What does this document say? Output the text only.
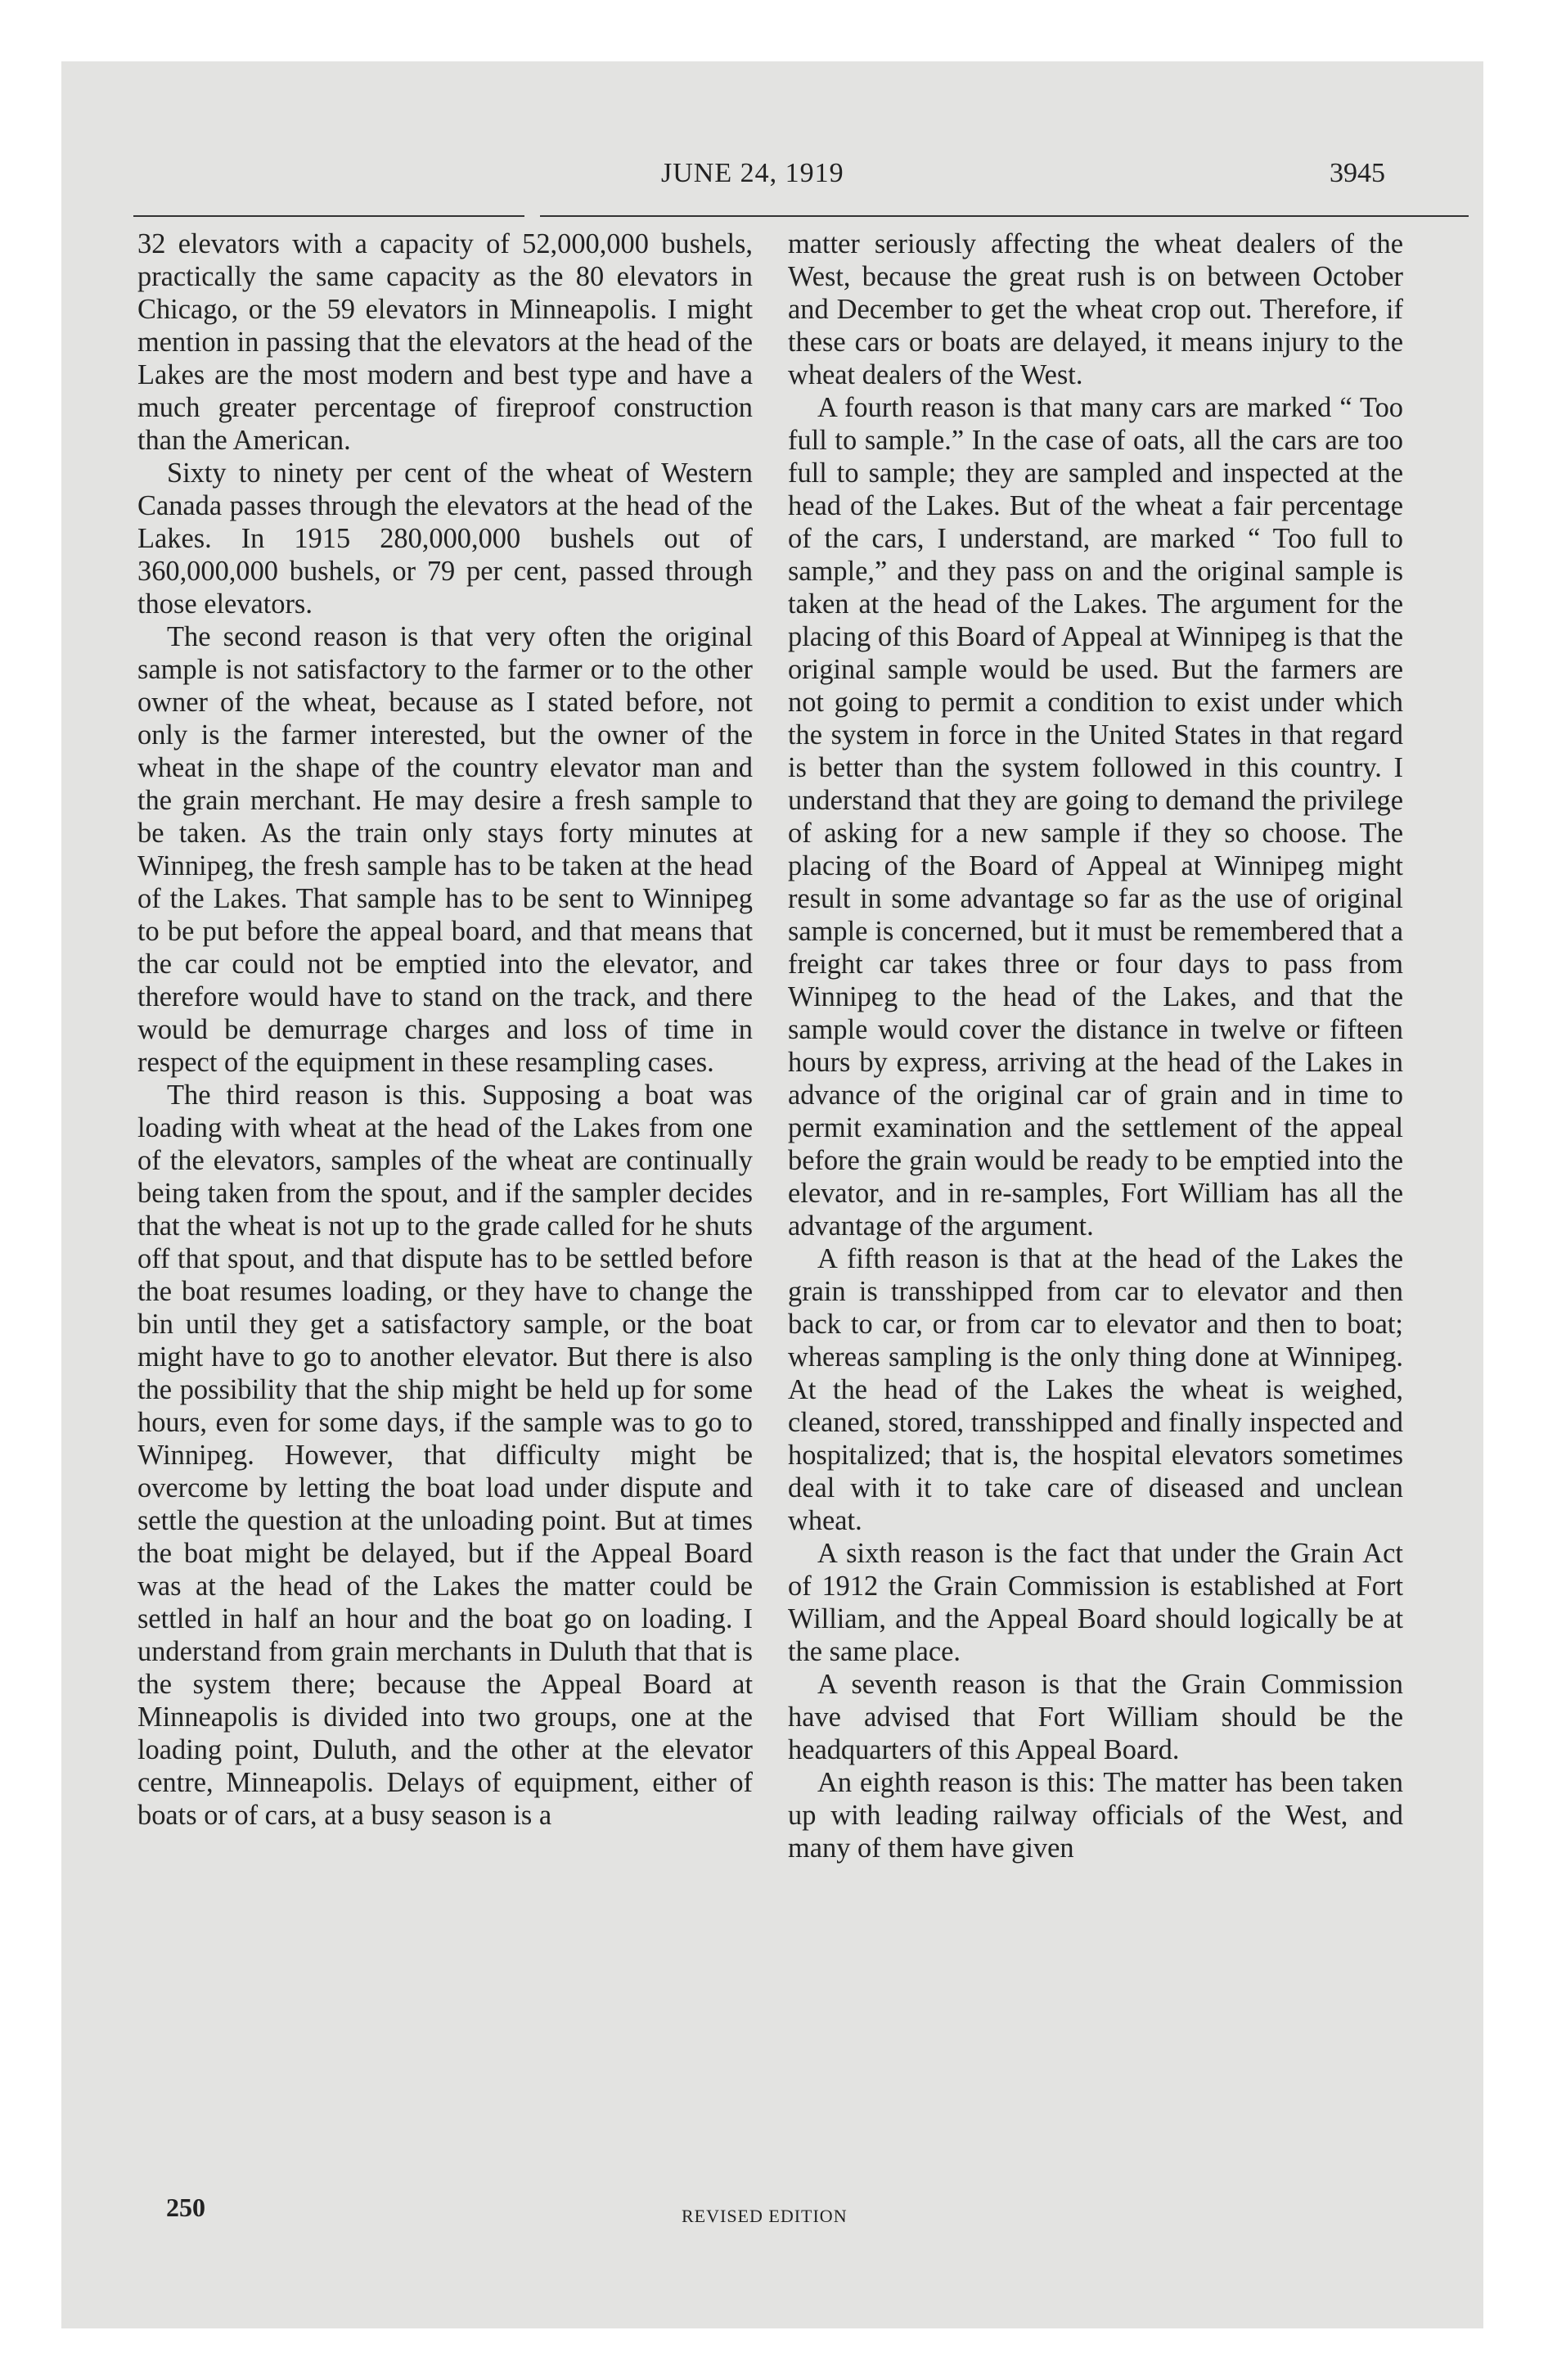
JUNE 24, 1919	3945

32 elevators with a capacity of 52,000,000 bushels, practically the same capacity as the 80 elevators in Chicago, or the 59 elevators in Minneapolis. I might mention in passing that the elevators at the head of the Lakes are the most modern and best type and have a much greater percentage of fireproof construction than the American.

Sixty to ninety per cent of the wheat of Western Canada passes through the elevators at the head of the Lakes. In 1915 280,000,000 bushels out of 360,000,000 bushels, or 79 per cent, passed through those elevators.

The second reason is that very often the original sample is not satisfactory to the farmer or to the other owner of the wheat, because as I stated before, not only is the farmer interested, but the owner of the wheat in the shape of the country elevator man and the grain merchant. He may desire a fresh sample to be taken. As the train only stays forty minutes at Winnipeg, the fresh sample has to be taken at the head of the Lakes. That sample has to be sent to Winnipeg to be put before the appeal board, and that means that the car could not be emptied into the elevator, and therefore would have to stand on the track, and there would be demurrage charges and loss of time in respect of the equipment in these resampling cases.

The third reason is this. Supposing a boat was loading with wheat at the head of the Lakes from one of the elevators, samples of the wheat are continually being taken from the spout, and if the sampler decides that the wheat is not up to the grade called for he shuts off that spout, and that dispute has to be settled before the boat resumes loading, or they have to change the bin until they get a satisfactory sample, or the boat might have to go to another elevator. But there is also the possibility that the ship might be held up for some hours, even for some days, if the sample was to go to Winnipeg. However, that difficulty might be overcome by letting the boat load under dispute and settle the question at the unloading point. But at times the boat might be delayed, but if the Appeal Board was at the head of the Lakes the matter could be settled in half an hour and the boat go on loading. I understand from grain merchants in Duluth that that is the system there; because the Appeal Board at Minneapolis is divided into two groups, one at the loading point, Duluth, and the other at the elevator centre, Minneapolis. Delays of equipment, either of boats or of cars, at a busy season is a

matter seriously affecting the wheat dealers of the West, because the great rush is on between October and December to get the wheat crop out. Therefore, if these cars or boats are delayed, it means injury to the wheat dealers of the West.

A fourth reason is that many cars are marked “ Too full to sample.” In the case of oats, all the cars are too full to sample; they are sampled and inspected at the head of the Lakes. But of the wheat a fair percentage of the cars, I understand, are marked “ Too full to sample,” and they pass on and the original sample is taken at the head of the Lakes. The argument for the placing of this Board of Appeal at Winnipeg is that the original sample would be used. But the farmers are not going to permit a condition to exist under which the system in force in the United States in that regard is better than the system followed in this country. I understand that they are going to demand the privilege of asking for a new sample if they so choose. The placing of the Board of Appeal at Winnipeg might result in some advantage so far as the use of original sample is concerned, but it must be remembered that a freight car takes three or four days to pass from Winnipeg to the head of the Lakes, and that the sample would cover the distance in twelve or fifteen hours by express, arriving at the head of the Lakes in advance of the original car of grain and in time to permit examination and the settlement of the appeal before the grain would be ready to be emptied into the elevator, and in re-samples, Fort William has all the advantage of the argument.

A fifth reason is that at the head of the Lakes the grain is transshipped from car to elevator and then back to car, or from car to elevator and then to boat; whereas sampling is the only thing done at Winnipeg. At the head of the Lakes the wheat is weighed, cleaned, stored, transshipped and finally inspected and hospitalized; that is, the hospital elevators sometimes deal with it to take care of diseased and unclean wheat.

A sixth reason is the fact that under the Grain Act of 1912 the Grain Commission is established at Fort William, and the Appeal Board should logically be at the same place.

A seventh reason is that the Grain Commission have advised that Fort William should be the headquarters of this Appeal Board.

An eighth reason is this: The matter has been taken up with leading railway officials of the West, and many of them have given

250	REVISED EDITION
